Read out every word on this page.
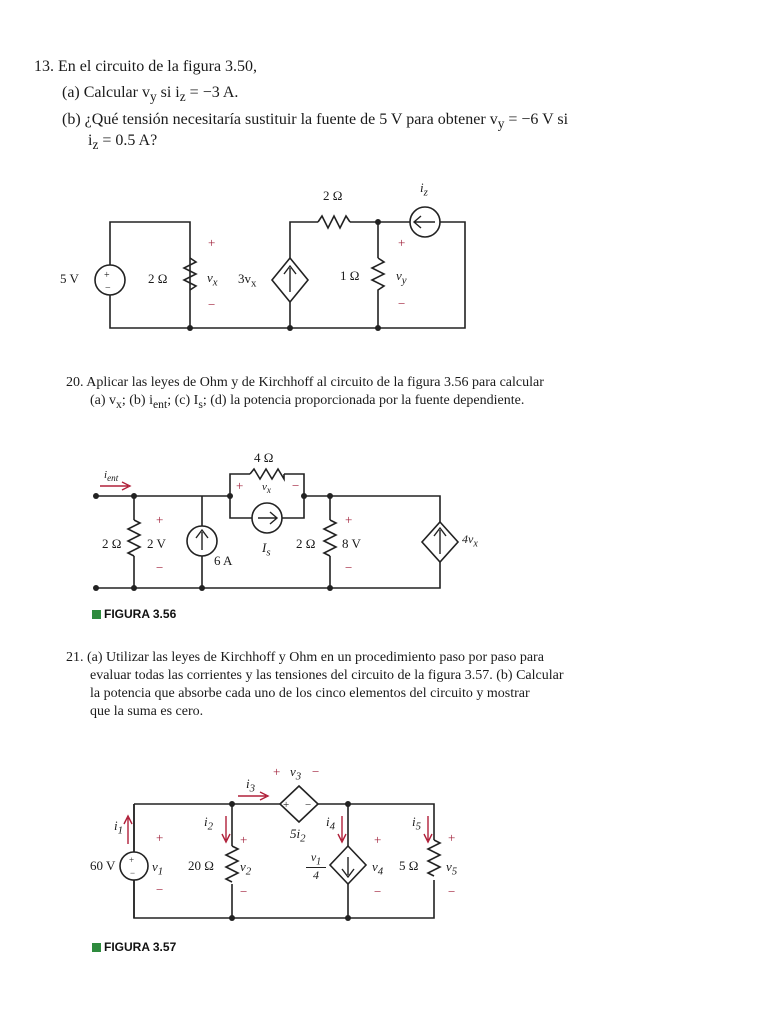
13. En el circuito de la figura 3.50,
(a) Calcular $v_y$ si $i_z = -3$ A.
(b) ¿Qué tensión necesitaría sustituir la fuente de 5 V para obtener $v_y = -6$ V si
$i_z = 0.5$ A?
+
−
5 V	2 Ω
+
$v_x$
−
$3v_x$
2 Ω
$i_z$
1 Ω
+
$v_y$
−
20. Aplicar las leyes de Ohm y de Kirchhoff al circuito de la figura 3.56 para calcular
(a) $v_x$; (b) $i_{ent}$; (c) $I_s$; (d) la potencia proporcionada por la fuente dependiente.
$i_{ent}$
4 Ω
+ $v_x$ −
2 Ω
+
2 V
−	6 A
$I_s$
2 Ω
+
8 V
−
$4v_x$
FIGURA 3.56
21. (a) Utilizar las leyes de Kirchhoff y Ohm en un procedimiento paso por paso para
evaluar todas las corrientes y las tensiones del circuito de la figura 3.57. (b) Calcular
la potencia que absorbe cada uno de los cinco elementos del circuito y mostrar
que la suma es cero.
+
−
+ −
$i_1$
$i_2$
$i_3$
+ $v_3$ −
$5i_2$
$i_4$	$i_5$
+
60 V	$v_1$
−
20 Ω
+
$v_2$
−
$\frac{v_1}{4}$
+
$v_4$
−
5 Ω
+
$v_5$
−
FIGURA 3.57
